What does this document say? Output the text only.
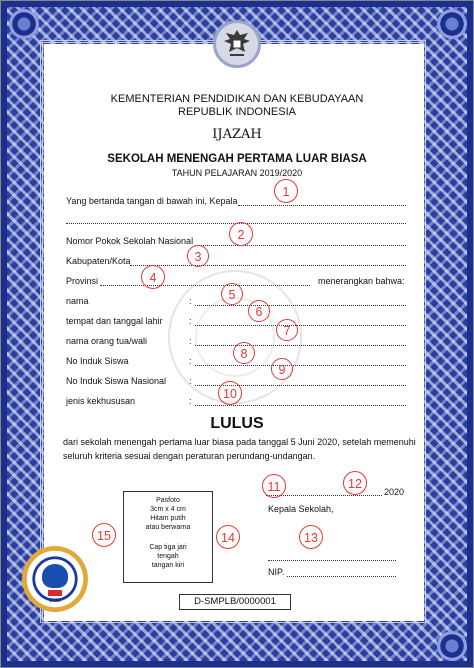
KEMENTERIAN PENDIDIKAN DAN KEBUDAYAAN
REPUBLIK INDONESIA
IJAZAH
SEKOLAH MENENGAH PERTAMA LUAR BIASA
TAHUN PELAJARAN 2019/2020
Yang bertanda tangan di bawah ini, Kepala
Nomor Pokok Sekolah Nasional
Kabupaten/Kota
Provinsi	menerangkan bahwa:
nama	:
tempat dan tanggal lahir	:
nama orang tua/wali	:
No Induk Siswa	:
No Induk Siswa Nasional	:
jenis kekhususan	:
LULUS
dari sekolah menengah pertama luar biasa pada tanggal 5 Juni 2020, setelah memenuhi
seluruh kriteria sesuai dengan peraturan perundang-undangan.
2020
Kepala Sekolah,
NIP.
Pasfoto
3cm x 4 cm
Hitam putih
atau berwarna
Cap tiga jari
tengah
tangan kiri
2020	D-SMPLB/0000001
1
2
3
4
5
6
7
8
9
10
11	12
13
14
15
